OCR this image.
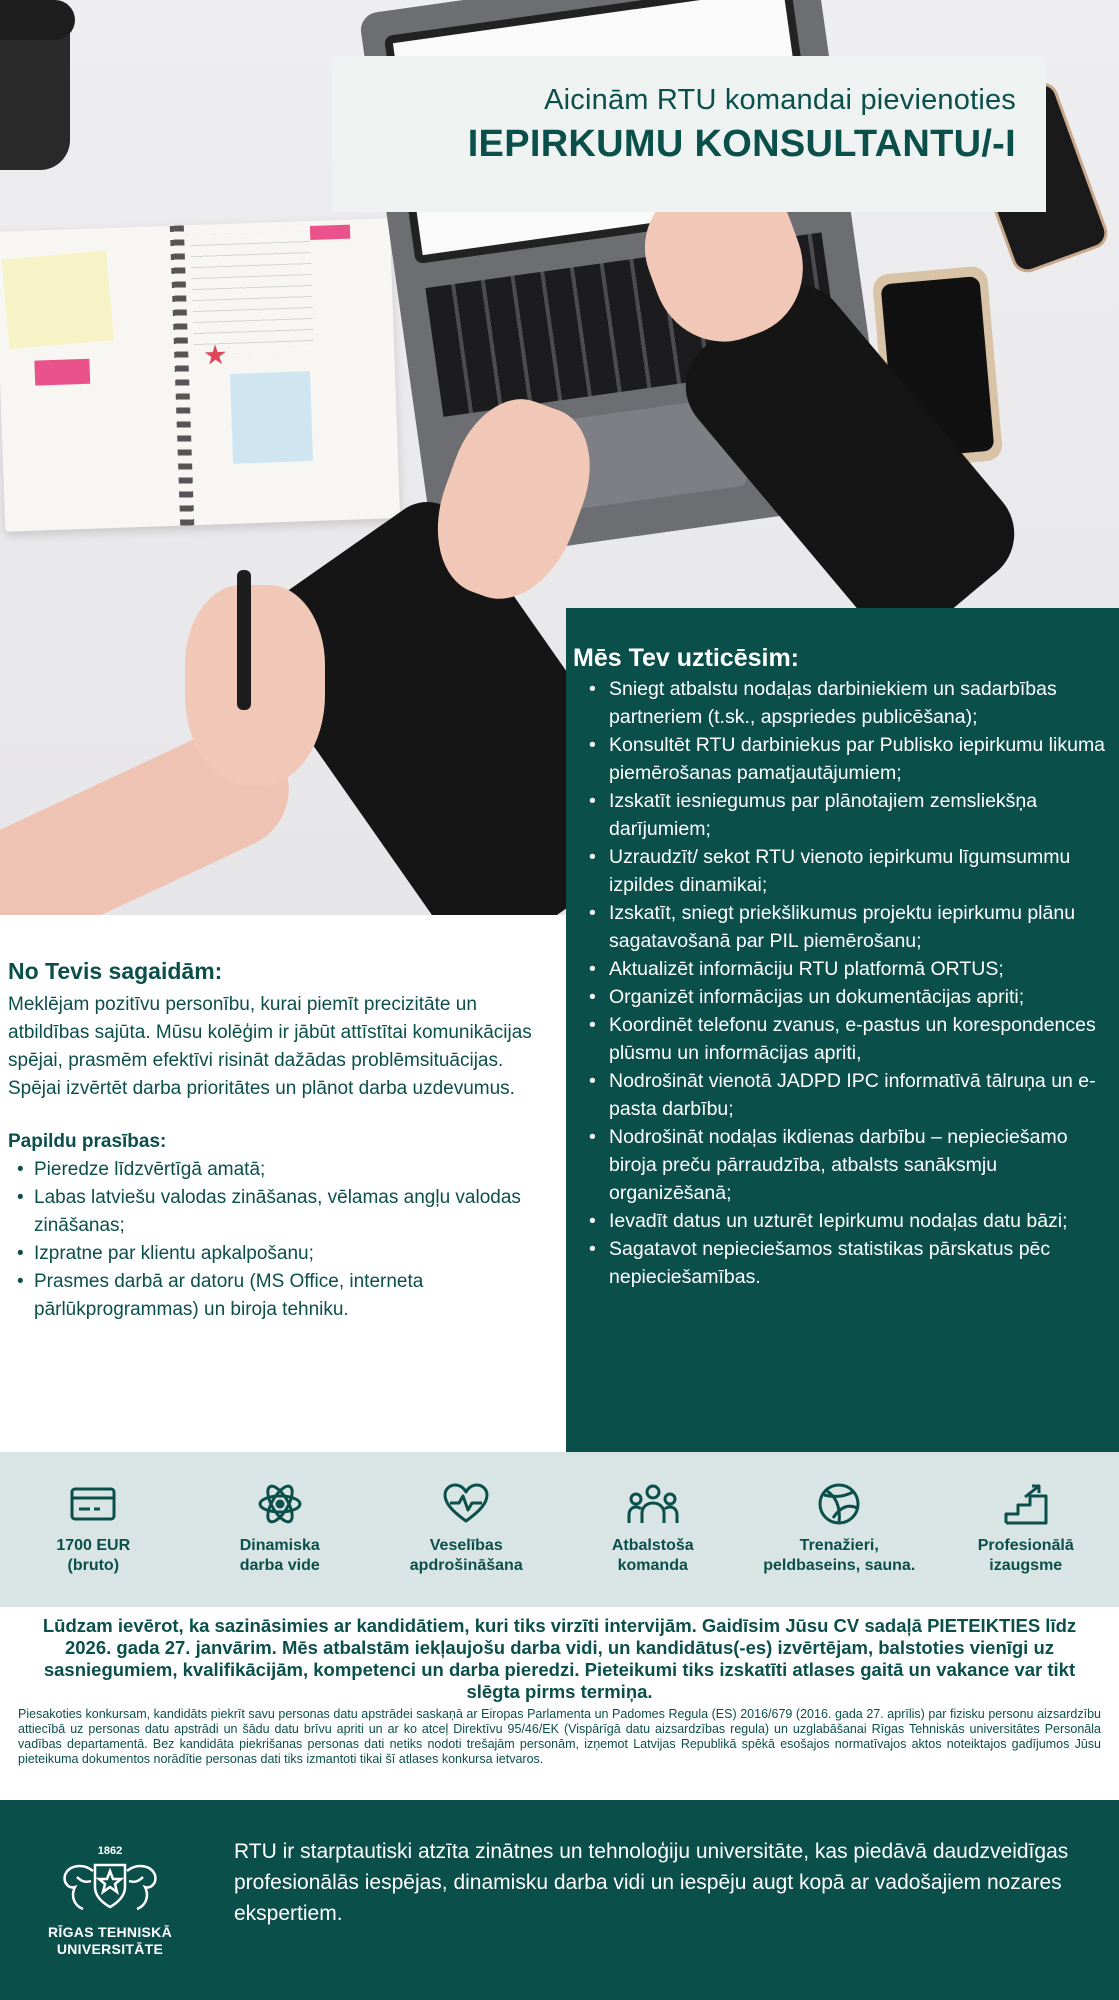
Aicinām RTU komandai pievienoties
IEPIRKUMU KONSULTANTU/-I
Mēs Tev uzticēsim:
• Sniegt atbalstu nodaļas darbiniekiem un sadarbības partneriem (t.sk., apspriedes publicēšana);
• Konsultēt RTU darbiniekus par Publisko iepirkumu likuma piemērošanas pamatjautājumiem;
• Izskatīt iesniegumus par plānotajiem zemsliekšņa darījumiem;
• Uzraudzīt/ sekot RTU vienoto iepirkumu līgumsummu izpildes dinamikai;
• Izskatīt, sniegt priekšlikumus projektu iepirkumu plānu sagatavošanā par PIL piemērošanu;
• Aktualizēt informāciju RTU platformā ORTUS;
• Organizēt informācijas un dokumentācijas apriti;
• Koordinēt telefonu zvanus, e-pastus un korespondences plūsmu un informācijas apriti,
• Nodrošināt vienotā JADPD IPC informatīvā tālruņa un e-pasta darbību;
• Nodrošināt nodaļas ikdienas darbību – nepieciešamo biroja preču pārraudzība, atbalsts sanāksmju organizēšanā;
• Ievadīt datus un uzturēt Iepirkumu nodaļas datu bāzi;
• Sagatavot nepieciešamos statistikas pārskatus pēc nepieciešamības.
No Tevis sagaidām:

Meklējam pozitīvu personību, kurai piemīt precizitāte un atbildības sajūta. Mūsu kolēģim ir jābūt attīstītai komunikācijas spējai, prasmēm efektīvi risināt dažādas problēmsituācijas. Spējai izvērtēt darba prioritātes un plānot darba uzdevumus.

Papildu prasības:
• Pieredze līdzvērtīgā amatā;
• Labas latviešu valodas zināšanas, vēlamas angļu valodas zināšanas;
• Izpratne par klientu apkalpošanu;
• Prasmes darbā ar datoru (MS Office, interneta pārlūkprogrammas) un biroja tehniku.
1700 EUR
(bruto)
Dinamiska
darba vide
Veselības
apdrošināšana
Atbalstoša
komanda
Trenažieri,
peldbaseins, sauna.
Profesionālā
izaugsme
Lūdzam ievērot, ka sazināsimies ar kandidātiem, kuri tiks virzīti intervijām. Gaidīsim Jūsu CV sadaļā PIETEIKTIES līdz 2026. gada 27. janvārim. Mēs atbalstām iekļaujošu darba vidi, un kandidātus(-es) izvērtējam, balstoties vienīgi uz sasniegumiem, kvalifikācijām, kompetenci un darba pieredzi. Pieteikumi tiks izskatīti atlases gaitā un vakance var tikt slēgta pirms termiņa.
Piesakoties konkursam, kandidāts piekrīt savu personas datu apstrādei saskaņā ar Eiropas Parlamenta un Padomes Regula (ES) 2016/679 (2016. gada 27. aprīlis) par fizisku personu aizsardzību attiecībā uz personas datu apstrādi un šādu datu brīvu apriti un ar ko atceļ Direktīvu 95/46/EK (Vispārīgā datu aizsardzības regula) un uzglabāšanai Rīgas Tehniskās universitātes Personāla vadības departamentā. Bez kandidāta piekrišanas personas dati netiks nodoti trešajām personām, izņemot Latvijas Republikā spēkā esošajos normatīvajos aktos noteiktajos gadījumos Jūsu pieteikuma dokumentos norādītie personas dati tiks izmantoti tikai šī atlases konkursa ietvaros.
1862
RĪGAS TEHNISKĀ
UNIVERSITĀTE
RTU ir starptautiski atzīta zinātnes un tehnoloģiju universitāte, kas piedāvā daudzveidīgas profesionālās iespējas, dinamisku darba vidi un iespēju augt kopā ar vadošajiem nozares ekspertiem.
